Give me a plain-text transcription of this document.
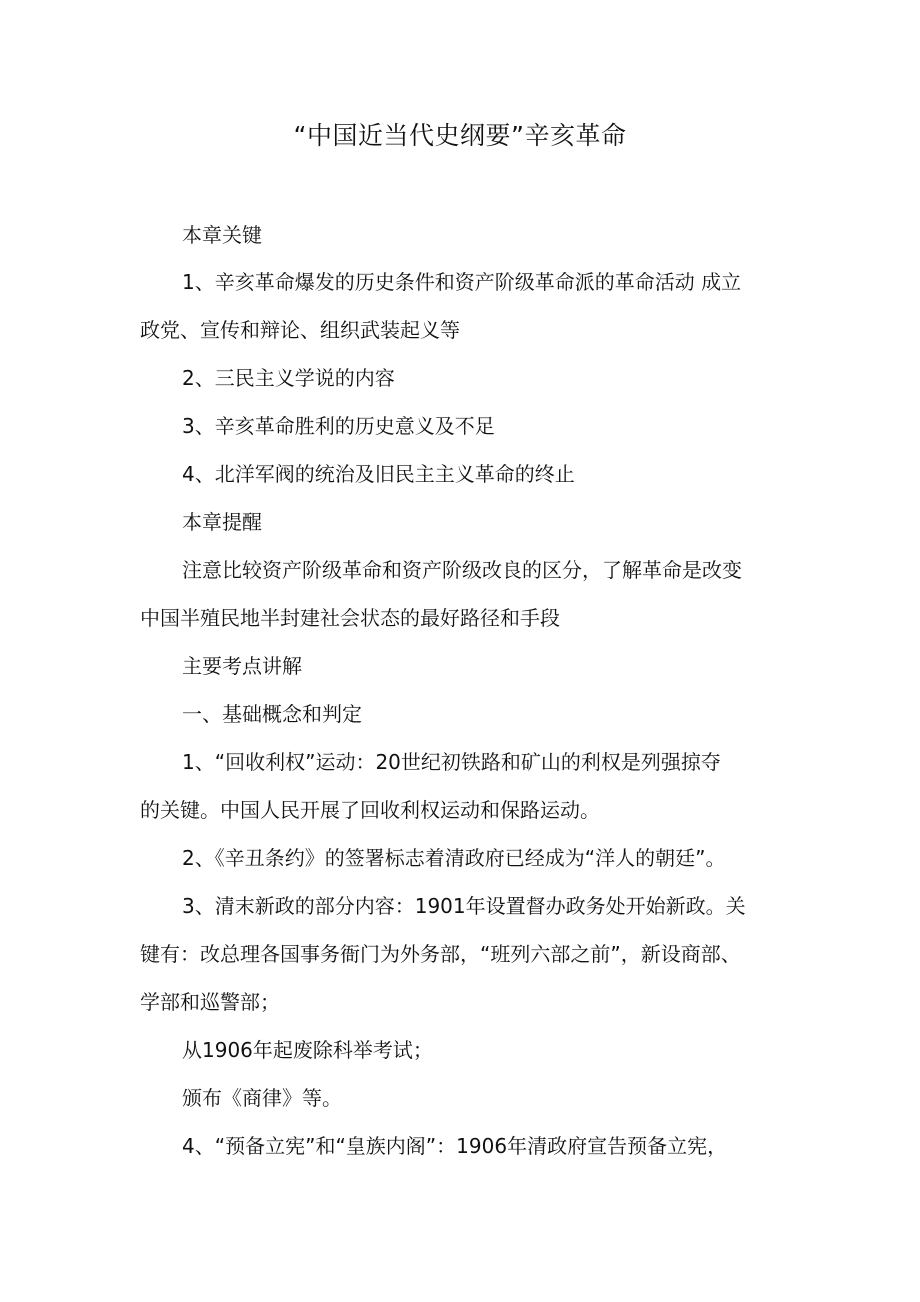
“中国近当代史纲要”辛亥革命

本章关键

1、辛亥革命爆发的历史条件和资产阶级革命派的革命活动 成立

政党、宣传和辩论、组织武装起义等

2、三民主义学说的内容

3、辛亥革命胜利的历史意义及不足

4、北洋军阀的统治及旧民主主义革命的终止

本章提醒

注意比较资产阶级革命和资产阶级改良的区分，了解革命是改变

中国半殖民地半封建社会状态的最好路径和手段

主要考点讲解

一、基础概念和判定

1、“回收利权”运动：20世纪初铁路和矿山的利权是列强掠夺

的关键。中国人民开展了回收利权运动和保路运动。

2、《辛丑条约》的签署标志着清政府已经成为“洋人的朝廷”。

3、清末新政的部分内容：1901年设置督办政务处开始新政。关

键有：改总理各国事务衙门为外务部，“班列六部之前”，新设商部、

学部和巡警部；

从1906年起废除科举考试；

颁布《商律》等。

4、“预备立宪”和“皇族内阁”：1906年清政府宣告预备立宪，
